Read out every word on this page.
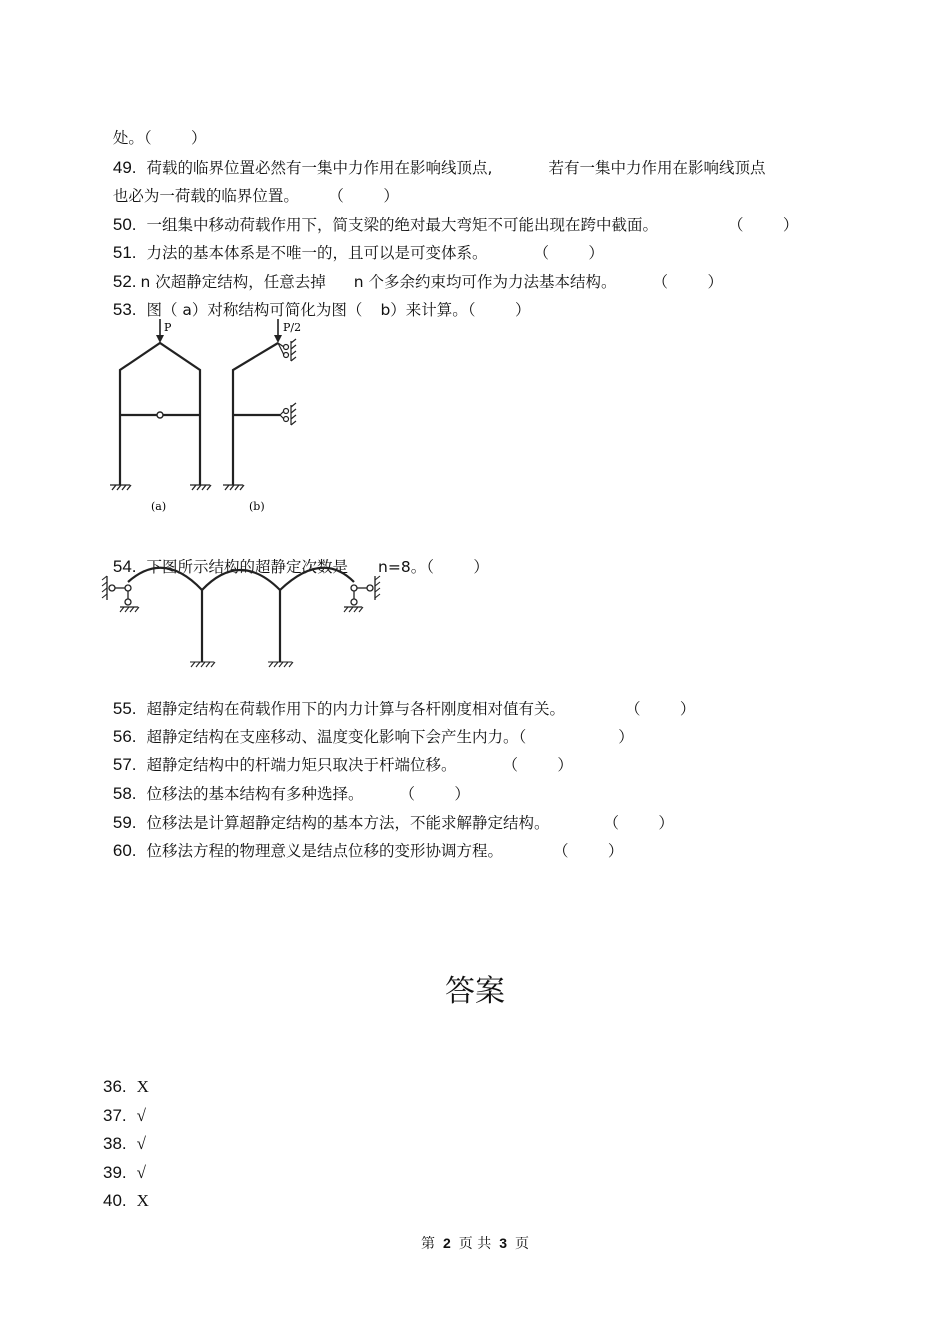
处。（        ）

49. 荷载的临界位置必然有一集中力作用在影响线顶点,	若有一集中力作用在影响线顶点

也必为一荷载的临界位置。      （        ）

50. 一组集中移动荷载作用下，简支梁的绝对最大弯矩不可能出现在跨中截面。	（        ）

51. 力法的基本体系是不唯一的，且可以是可变体系。	（        ）

52. n 次超静定结构，任意去掉 n 个多余约束均可作为力法基本结构。 （        ）

53. 图（ a）对称结构可简化为图（ b）来计算。（        ）

P	P/2
(a)	(b)

54. 下图所示结构的超静定次数是 n=8。（        ）

55. 超静定结构在荷载作用下的内力计算与各杆刚度相对值有关。	（        ）

56. 超静定结构在支座移动、温度变化影响下会产生内力。（	）

57. 超静定结构中的杆端力矩只取决于杆端位移。	（        ）

58. 位移法的基本结构有多种选择。 （        ）

59. 位移法是计算超静定结构的基本方法，不能求解静定结构。	（        ）

60. 位移法方程的物理意义是结点位移的变形协调方程。	（        ）

答案
36. X
37. √
38. √
39. √
40. X
第 2 页 共 3 页
